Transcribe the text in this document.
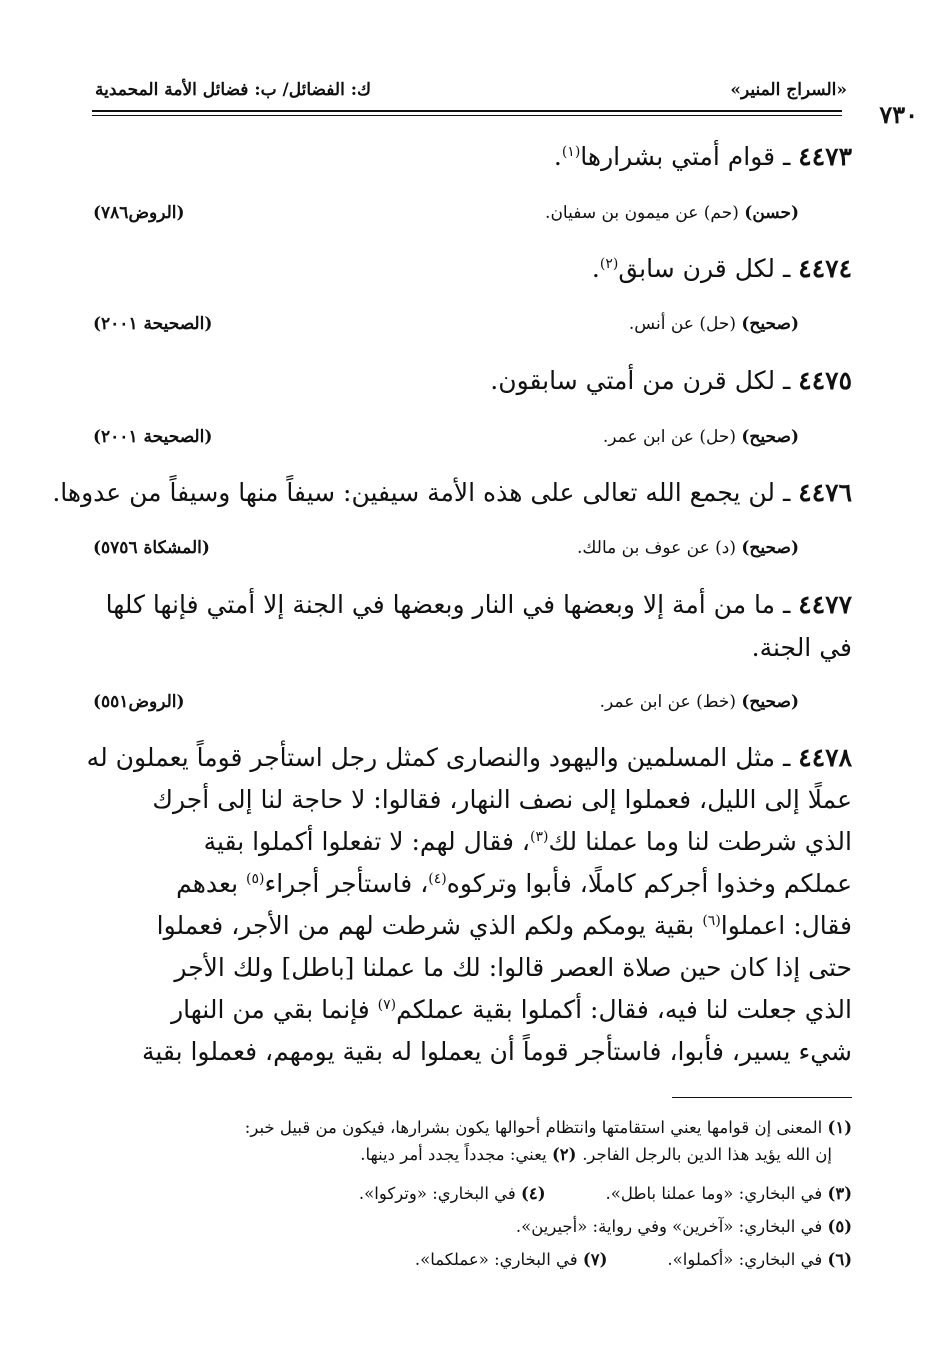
«السراج المنير»
ك: الفضائل/ ب: فضائل الأمة المحمدية
٧٣٠
٤٤٧٣ ـ قوام أمتي بشرارها$^{(١)}$.
(حسن) (حم) عن ميمون بن سفيان.
(الروض٧٨٦)
٤٤٧٤ ـ لكل قرن سابق$^{(٢)}$.
(صحيح) (حل) عن أنس.
(الصحيحة ٢٠٠١)
٤٤٧٥ ـ لكل قرن من أمتي سابقون.
(صحيح) (حل) عن ابن عمر.
(الصحيحة ٢٠٠١)
٤٤٧٦ ـ لن يجمع الله تعالى على هذه الأمة سيفين: سيفاً منها وسيفاً من عدوها.
(صحيح) (د) عن عوف بن مالك.
(المشكاة ٥٧٥٦)
٤٤٧٧ ـ ما من أمة إلا وبعضها في النار وبعضها في الجنة إلا أمتي فإنها كلها
في الجنة.
(صحيح) (خط) عن ابن عمر.
(الروض٥٥١)
٤٤٧٨ ـ مثل المسلمين واليهود والنصارى كمثل رجل استأجر قوماً يعملون له
عملًا إلى الليل، فعملوا إلى نصف النهار، فقالوا: لا حاجة لنا إلى أجرك
الذي شرطت لنا وما عملنا لك$^{(٣)}$، فقال لهم: لا تفعلوا أكملوا بقية
عملكم وخذوا أجركم كاملًا، فأبوا وتركوه$^{(٤)}$، فاستأجر أجراء$^{(٥)}$ بعدهم
فقال: اعملوا$^{(٦)}$ بقية يومكم ولكم الذي شرطت لهم من الأجر، فعملوا
حتى إذا كان حين صلاة العصر قالوا: لك ما عملنا [باطل] ولك الأجر
الذي جعلت لنا فيه، فقال: أكملوا بقية عملكم$^{(٧)}$ فإنما بقي من النهار
شيء يسير، فأبوا، فاستأجر قوماً أن يعملوا له بقية يومهم، فعملوا بقية
(١) المعنى إن قوامها يعني استقامتها وانتظام أحوالها يكون بشرارها، فيكون من قبيل خبر:
إن الله يؤيد هذا الدين بالرجل الفاجر. (٢) يعني: مجدداً يجدد أمر دينها.
(٣) في البخاري: «وما عملنا باطل».(٤) في البخاري: «وتركوا».
(٥) في البخاري: «آخرين» وفي رواية: «أجيرين».
(٦) في البخاري: «أكملوا».(٧) في البخاري: «عملكما».
